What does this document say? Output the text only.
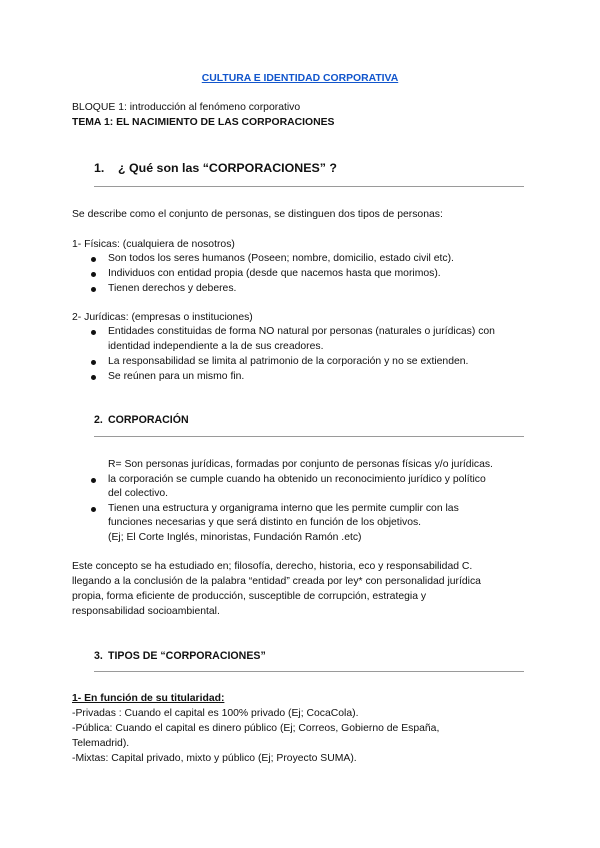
CULTURA E IDENTIDAD CORPORATIVA
BLOQUE 1: introducción al fenómeno corporativo
TEMA 1: EL NACIMIENTO DE LAS CORPORACIONES
1. ¿ Qué son las “CORPORACIONES” ?
Se describe como el conjunto de personas, se distinguen dos tipos de personas:
1- Físicas: (cualquiera de nosotros)
Son todos los seres humanos (Poseen; nombre, domicilio, estado civil etc).
Individuos con entidad propia (desde que nacemos hasta que morimos).
Tienen derechos y deberes.
2- Jurídicas: (empresas o instituciones)
Entidades constituidas de forma NO natural por personas (naturales o jurídicas) con
identidad independiente a la de sus creadores.
La responsabilidad se limita al patrimonio de la corporación y no se extienden.
Se reúnen para un mismo fin.
2. CORPORACIÓN
R= Son personas jurídicas, formadas por conjunto de personas físicas y/o jurídicas.
la corporación se cumple cuando ha obtenido un reconocimiento jurídico y político
del colectivo.
Tienen una estructura y organigrama interno que les permite cumplir con las
funciones necesarias y que será distinto en función de los objetivos.
(Ej; El Corte Inglés, minoristas, Fundación Ramón .etc)
Este concepto se ha estudiado en; filosofía, derecho, historia, eco y responsabilidad C.
llegando a la conclusión de la palabra “entidad” creada por ley* con personalidad jurídica
propia, forma eficiente de producción, susceptible de corrupción, estrategia y
responsabilidad socioambiental.
3. TIPOS DE “CORPORACIONES”
1- En función de su titularidad:
-Privadas : Cuando el capital es 100% privado (Ej; CocaCola).
-Pública: Cuando el capital es dinero público (Ej; Correos, Gobierno de España,
Telemadrid).
-Mixtas: Capital privado, mixto y público (Ej; Proyecto SUMA).
